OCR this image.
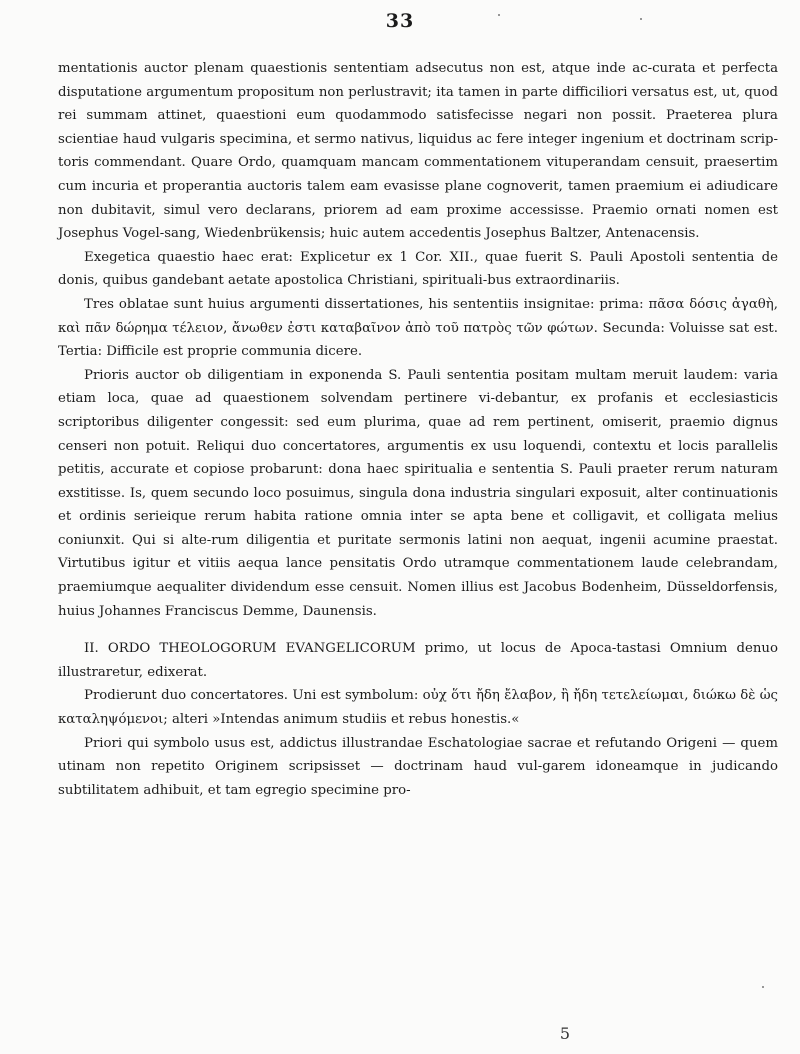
33

mentationis auctor plenam quaestionis sententiam adsecutus non est, atque inde ac-curata et perfecta disputatione argumentum propositum non perlustravit; ita tamen in parte difficiliori versatus est, ut, quod rei summam attinet, quaestioni eum quodammodo satisfecisse negari non possit. Praeterea plura scientiae haud vulgaris specimina, et sermo nativus, liquidus ac fere integer ingenium et doctrinam scrip-toris commendant. Quare Ordo, quamquam mancam commentationem vituperandam censuit, praesertim cum incuria et properantia auctoris talem eam evasisse plane cognoverit, tamen praemium ei adiudicare non dubitavit, simul vero declarans, priorem ad eam proxime accessisse. Praemio ornati nomen est Josephus Vogel-sang, Wiedenbrükensis; huic autem accedentis Josephus Baltzer, Antenacensis.

Exegetica quaestio haec erat: Explicetur ex 1 Cor. XII., quae fuerit S. Pauli Apostoli sententia de donis, quibus gandebant aetate apostolica Christiani, spirituali-bus extraordinariis.

Tres oblatae sunt huius argumenti dissertationes, his sententiis insignitae: prima: πᾶσα δόσις ἀγαθὴ, καὶ πᾶν δώρημα τέλειον, ἄνωθεν ἐστι καταβαῖνον ἀπὸ τοῦ πατρὸς τῶν φώτων. Secunda: Voluisse sat est. Tertia: Difficile est proprie communia dicere.

Prioris auctor ob diligentiam in exponenda S. Pauli sententia positam multam meruit laudem: varia etiam loca, quae ad quaestionem solvendam pertinere vi-debantur, ex profanis et ecclesiasticis scriptoribus diligenter congessit: sed eum plurima, quae ad rem pertinent, omiserit, praemio dignus censeri non potuit. Reliqui duo concertatores, argumentis ex usu loquendi, contextu et locis parallelis petitis, accurate et copiose probarunt: dona haec spiritualia e sententia S. Pauli praeter rerum naturam exstitisse. Is, quem secundo loco posuimus, singula dona industria singulari exposuit, alter continuationis et ordinis serieique rerum habita ratione omnia inter se apta bene et colligavit, et colligata melius coniunxit. Qui si alte-rum diligentia et puritate sermonis latini non aequat, ingenii acumine praestat. Virtutibus igitur et vitiis aequa lance pensitatis Ordo utramque commentationem laude celebrandam, praemiumque aequaliter dividendum esse censuit. Nomen illius est Jacobus Bodenheim, Düsseldorfensis, huius Johannes Franciscus Demme, Daunensis.

II. ORDO THEOLOGORUM EVANGELICORUM primo, ut locus de Apoca-tastasi Omnium denuo illustraretur, edixerat.

Prodierunt duo concertatores. Uni est symbolum: οὐχ ὅτι ἤδη ἔλαβον, ἢ ἤδη τετελείωμαι, διώκω δὲ ὡς καταληψόμενοι; alteri »Intendas animum studiis et rebus honestis.«

Priori qui symbolo usus est, addictus illustrandae Eschatologiae sacrae et refutando Origeni — quem utinam non repetito Originem scripsisset — doctrinam haud vul-garem idoneamque in judicando subtilitatem adhibuit, et tam egregio specimine pro-

5
